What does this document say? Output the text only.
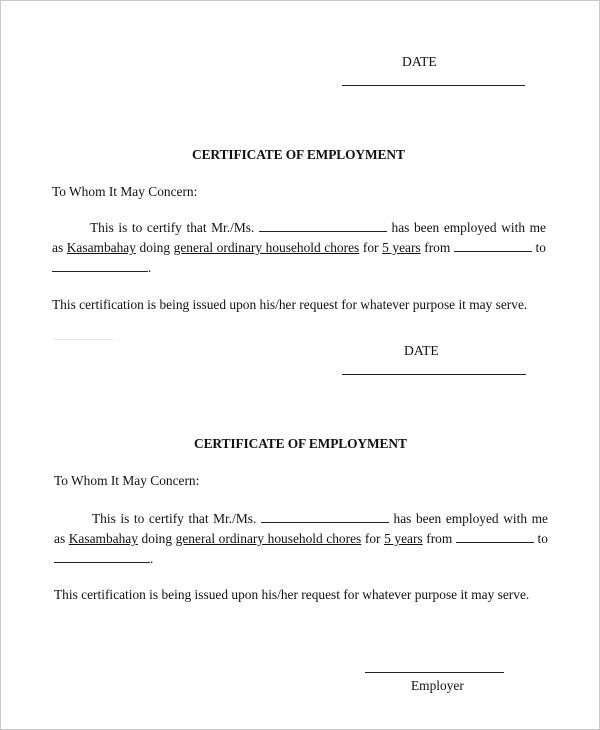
DATE
CERTIFICATE OF EMPLOYMENT
To Whom It May Concern:
This is to certify that Mr./Ms.	has been employed with me as Kasambahay doing general ordinary household chores for 5 years from	to .
This certification is being issued upon his/her request for whatever purpose it may serve.
DATE
CERTIFICATE OF EMPLOYMENT
To Whom It May Concern:
This is to certify that Mr./Ms.	has been employed with me as Kasambahay doing general ordinary household chores for 5 years from	to .
This certification is being issued upon his/her request for whatever purpose it may serve.
Employer
